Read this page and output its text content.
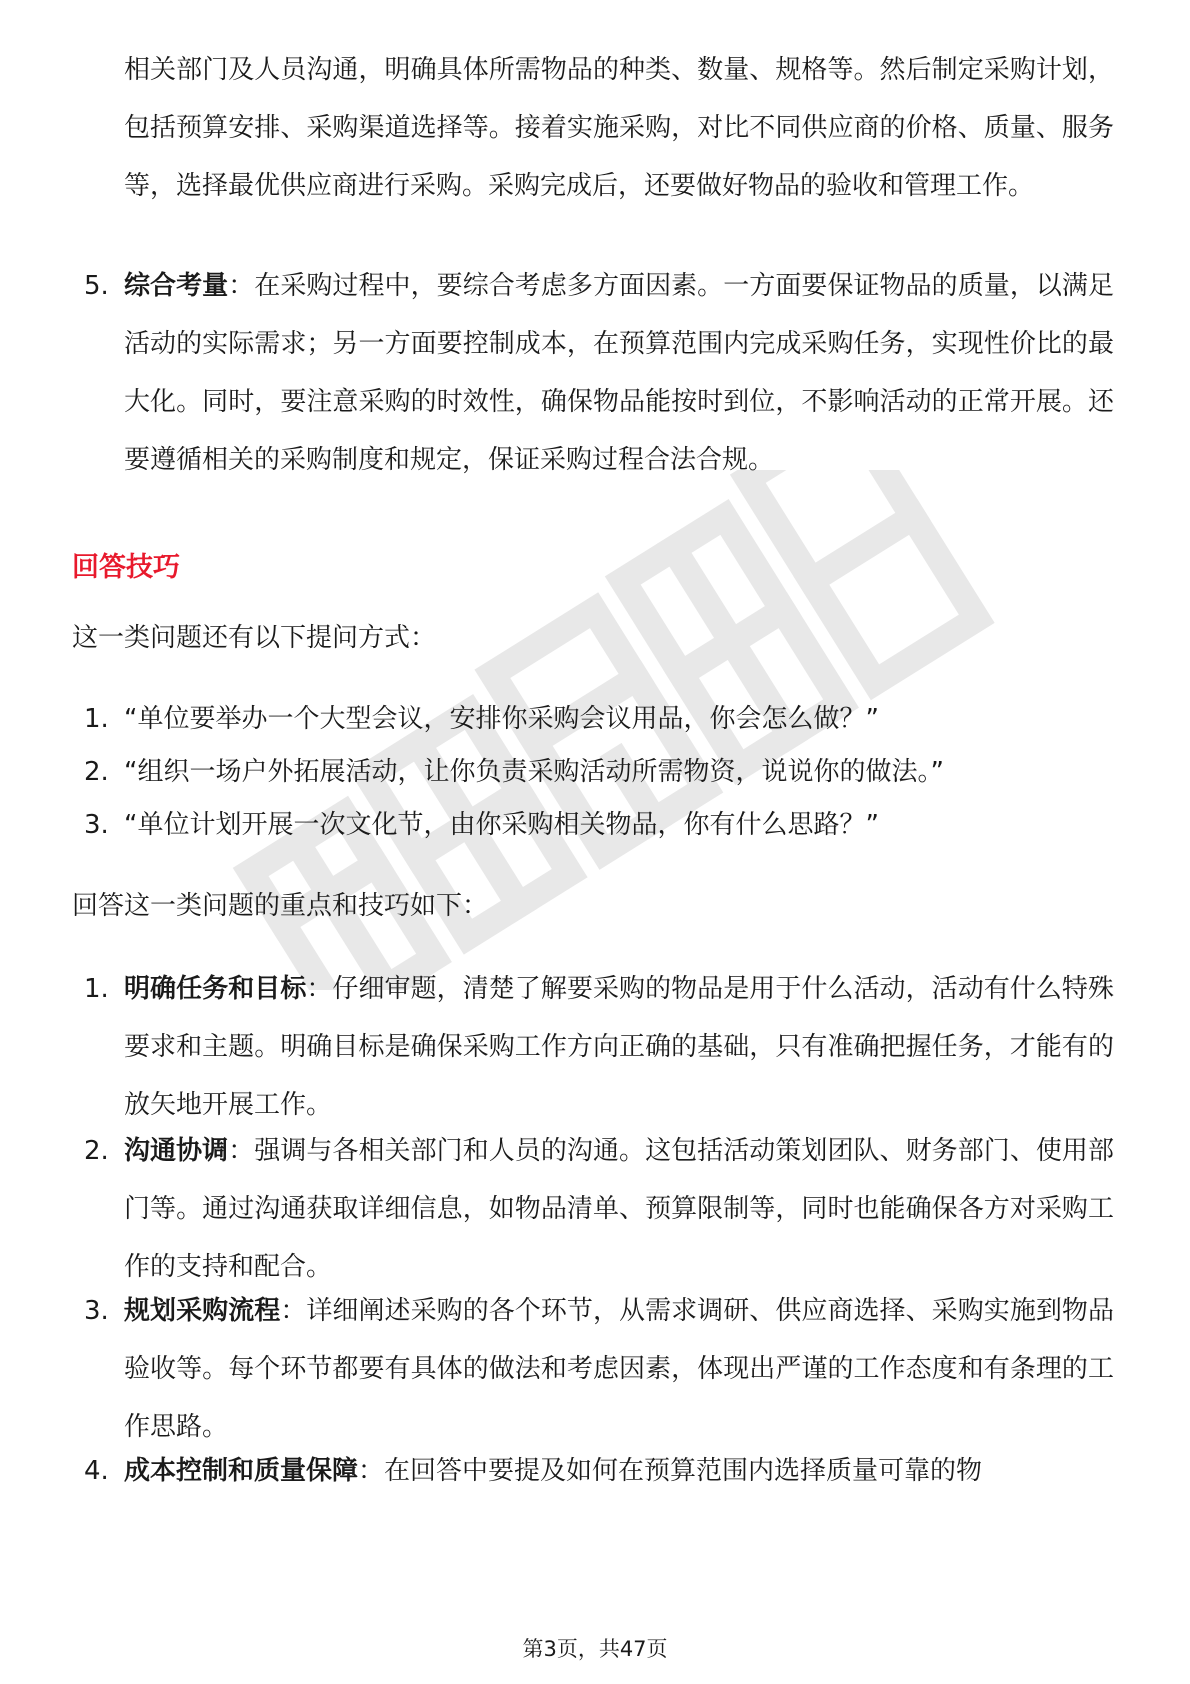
相关部门及人员沟通，明确具体所需物品的种类、数量、规格等。然后制定采购计划，包括预算安排、采购渠道选择等。接着实施采购，对比不同供应商的价格、质量、服务等，选择最优供应商进行采购。采购完成后，还要做好物品的验收和管理工作。
5. 综合考量：在采购过程中，要综合考虑多方面因素。一方面要保证物品的质量，以满足活动的实际需求；另一方面要控制成本，在预算范围内完成采购任务，实现性价比的最大化。同时，要注意采购的时效性，确保物品能按时到位，不影响活动的正常开展。还要遵循相关的采购制度和规定，保证采购过程合法合规。
回答技巧
这一类问题还有以下提问方式：
1. “单位要举办一个大型会议，安排你采购会议用品，你会怎么做？”
2. “组织一场户外拓展活动，让你负责采购活动所需物资，说说你的做法。”
3. “单位计划开展一次文化节，由你采购相关物品，你有什么思路？”
回答这一类问题的重点和技巧如下：
1. 明确任务和目标：仔细审题，清楚了解要采购的物品是用于什么活动，活动有什么特殊要求和主题。明确目标是确保采购工作方向正确的基础，只有准确把握任务，才能有的放矢地开展工作。
2. 沟通协调：强调与各相关部门和人员的沟通。这包括活动策划团队、财务部门、使用部门等。通过沟通获取详细信息，如物品清单、预算限制等，同时也能确保各方对采购工作的支持和配合。
3. 规划采购流程：详细阐述采购的各个环节，从需求调研、供应商选择、采购实施到物品验收等。每个环节都要有具体的做法和考虑因素，体现出严谨的工作态度和有条理的工作思路。
4. 成本控制和质量保障：在回答中要提及如何在预算范围内选择质量可靠的物
第3页，共47页
